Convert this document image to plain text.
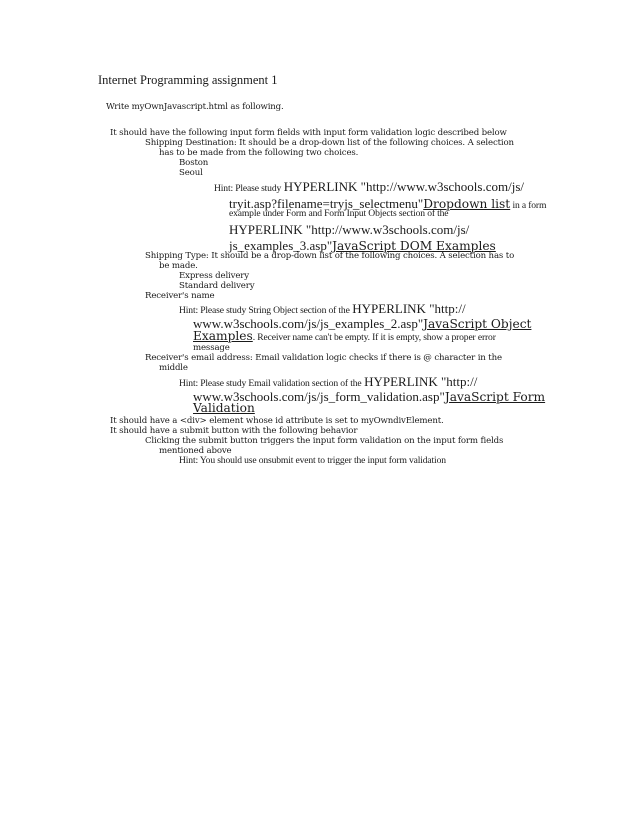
Internet Programming assignment 1
Write myOwnJavascript.html as following.
It should have the following input form fields with input form validation logic described below
Shipping Destination: It should be a drop-down list of the following choices. A selection
has to be made from the following two choices.
Boston
Seoul
Hint: Please study HYPERLINK "http://www.w3schools.com/js/
tryit.asp?filename=tryjs_selectmenu"Dropdown list in a form
example under Form and Form Input Objects section of the
HYPERLINK "http://www.w3schools.com/js/
js_examples_3.asp"JavaScript DOM Examples
Shipping Type: It should be a drop-down list of the following choices. A selection has to
be made.
Express delivery
Standard delivery
Receiver's name
Hint: Please study String Object section of the HYPERLINK "http://
www.w3schools.com/js/js_examples_2.asp"JavaScript Object
Examples. Receiver name can't be empty. If it is empty, show a proper error
message
Receiver's email address: Email validation logic checks if there is @ character in the
middle
Hint: Please study Email validation section of the HYPERLINK "http://
www.w3schools.com/js/js_form_validation.asp"JavaScript Form
Validation
It should have a <div> element whose id attribute is set to myOwndivElement.
It should have a submit button with the following behavior
Clicking the submit button triggers the input form validation on the input form fields
mentioned above
Hint: You should use onsubmit event to trigger the input form validation
